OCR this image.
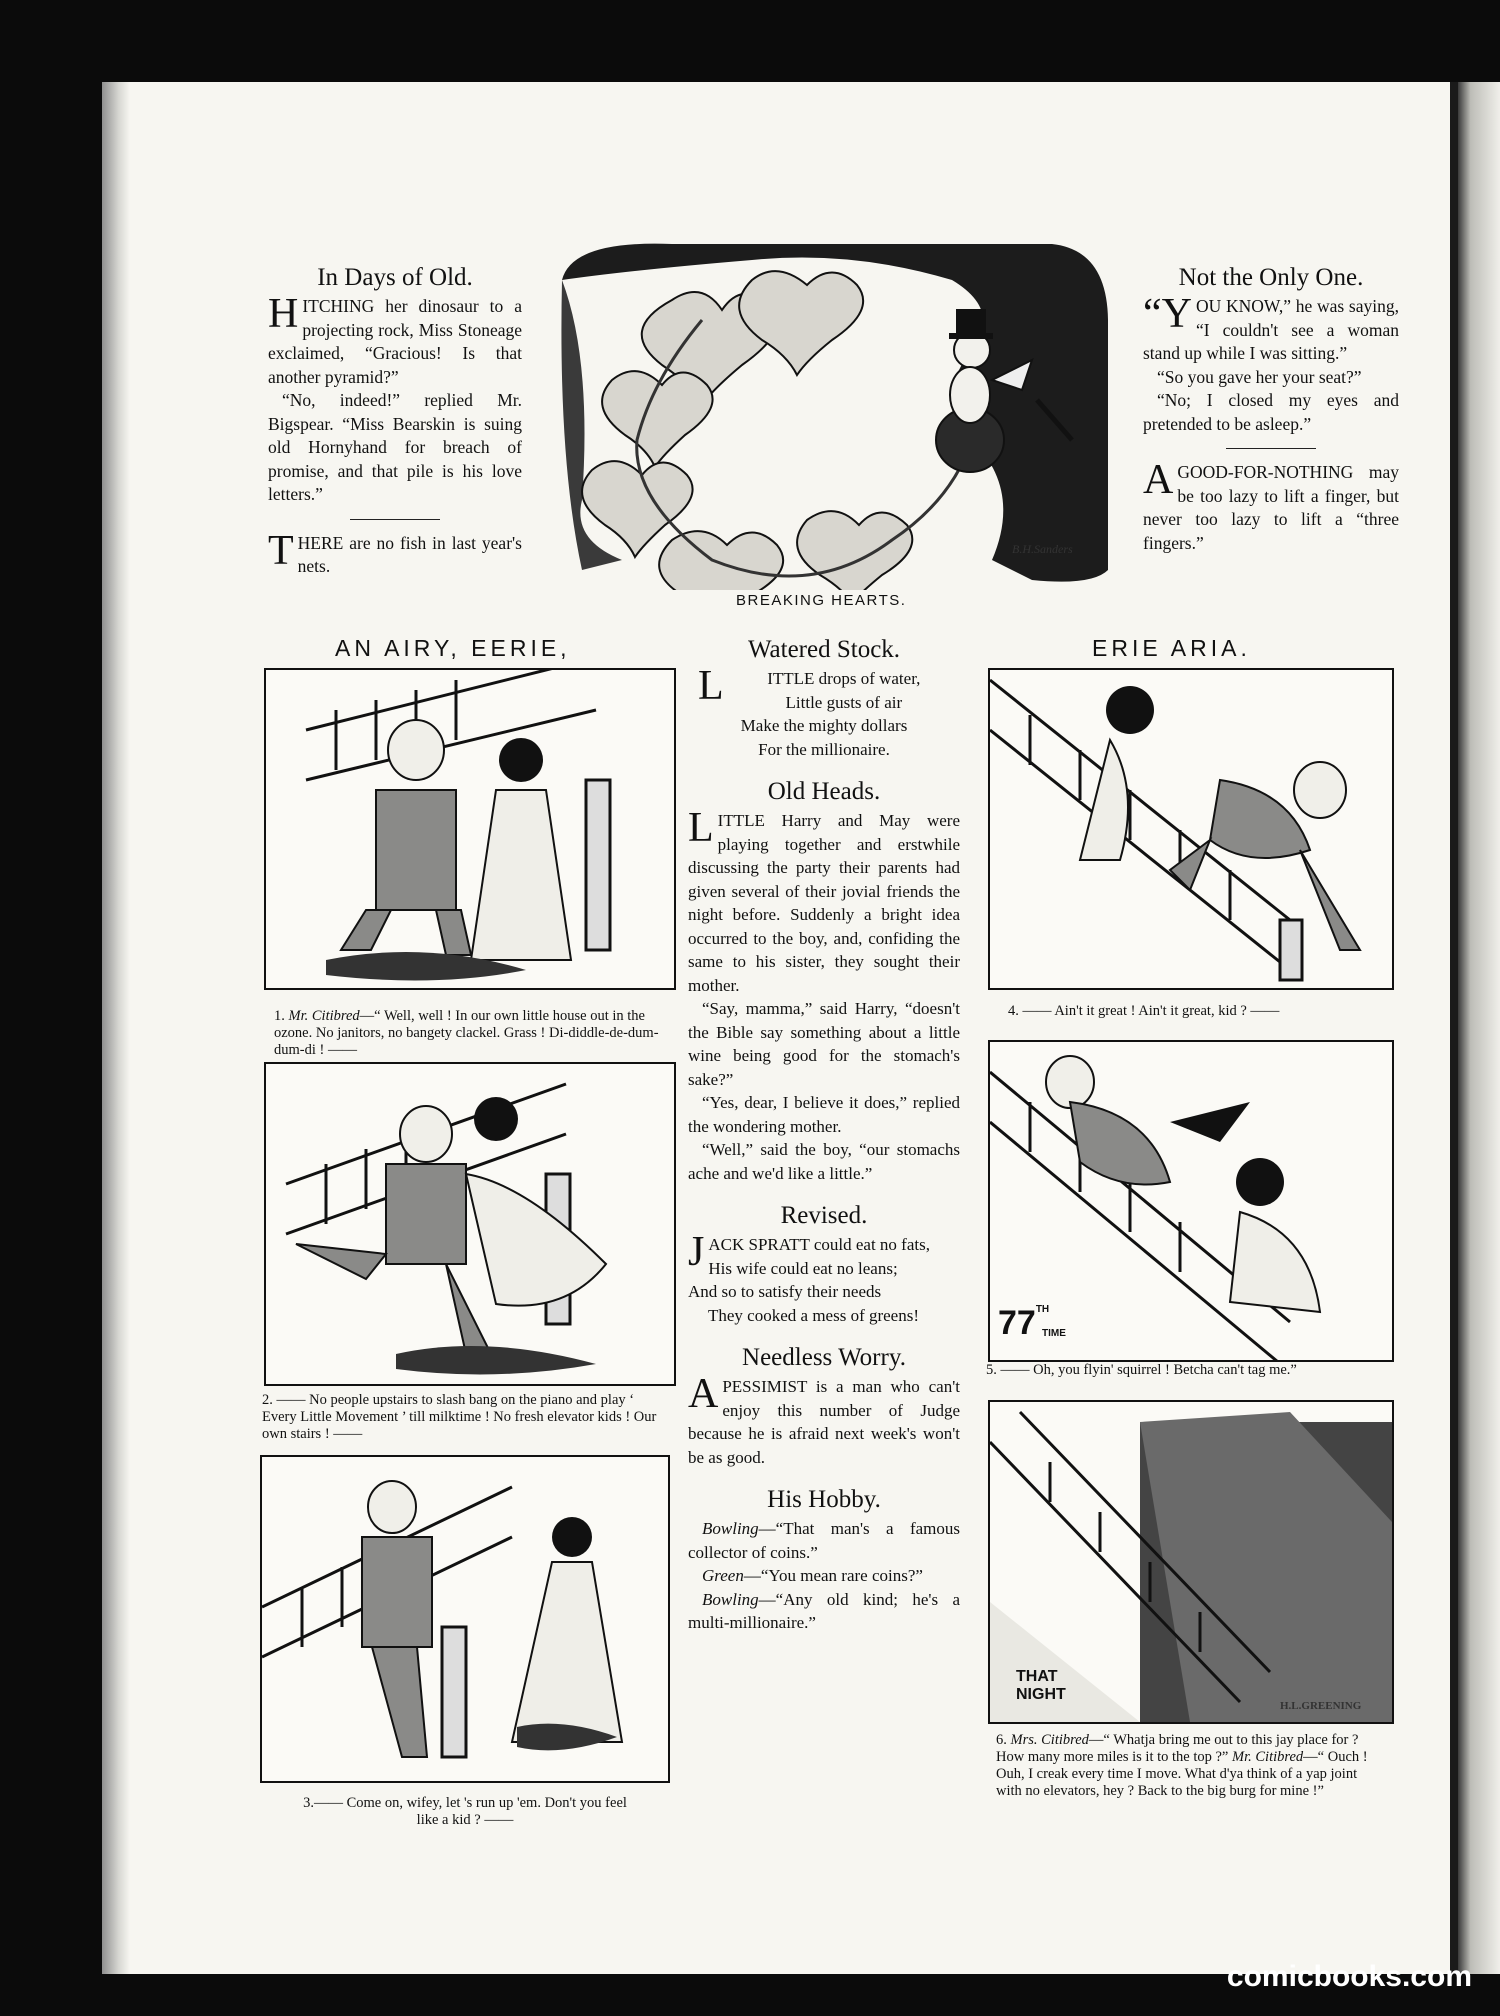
In Days of Old.

HITCHING her dinosaur to a projecting rock, Miss Stoneage exclaimed, “Gracious! Is that another pyramid?”

“No, indeed!” replied Mr. Bigspear. “Miss Bearskin is suing old Hornyhand for breach of promise, and that pile is his love letters.”

THERE are no fish in last year's nets.

B.H.Sanders
BREAKING HEARTS.
Not the Only One.

“YOU KNOW,” he was saying, “I couldn't see a woman stand up while I was sitting.”

“So you gave her your seat?”

“No; I closed my eyes and pretended to be asleep.”

AGOOD-FOR-NOTHING may be too lazy to lift a finger, but never too lazy to lift a “three fingers.”

AN AIRY, EERIE,	ERIE ARIA.
Watered Stock.
L	ITTLE drops of water,
Little gusts of air
Make the mighty dollars
For the millionaire.
Old Heads.

LITTLE Harry and May were playing together and erstwhile discussing the party their parents had given several of their jovial friends the night before. Suddenly a bright idea occurred to the boy, and, confiding the same to his sister, they sought their mother.

“Say, mamma,” said Harry, “doesn't the Bible say something about a little wine being good for the stomach's sake?”

“Yes, dear, I believe it does,” replied the wondering mother.

“Well,” said the boy, “our stomachs ache and we'd like a little.”

Revised.
J ACK SPRATT could eat no fats,
His wife could eat no leans;
And so to satisfy their needs
They cooked a mess of greens!
Needless Worry.

APESSIMIST is a man who can't enjoy this number of Judge because he is afraid next week's won't be as good.

His Hobby.

Bowling—“That man's a famous collector of coins.”

Green—“You mean rare coins?”

Bowling—“Any old kind; he's a multi-millionaire.”

1. Mr. Citibred—“ Well, well ! In our own little house out in the ozone. No janitors, no bangety clackel. Grass ! Di-diddle-de-dum-dum-di ! ——
2. —— No people upstairs to slash bang on the piano and play ‘ Every Little Movement ’ till milktime ! No fresh elevator kids ! Our own stairs ! ——
3.—— Come on, wifey, let 's run up 'em. Don't you feel like a kid ? ——
4. —— Ain't it great ! Ain't it great, kid ? ——
77TH
TIME
5. —— Oh, you flyin' squirrel ! Betcha can't tag me.”
THAT
NIGHT
H.L.GREENING
6. Mrs. Citibred—“ Whatja bring me out to this jay place for ? How many more miles is it to the top ?” Mr. Citibred—“ Ouch ! Ouh, I creak every time I move. What d'ya think of a yap joint with no elevators, hey ? Back to the big burg for mine !”
comicbooks.com
